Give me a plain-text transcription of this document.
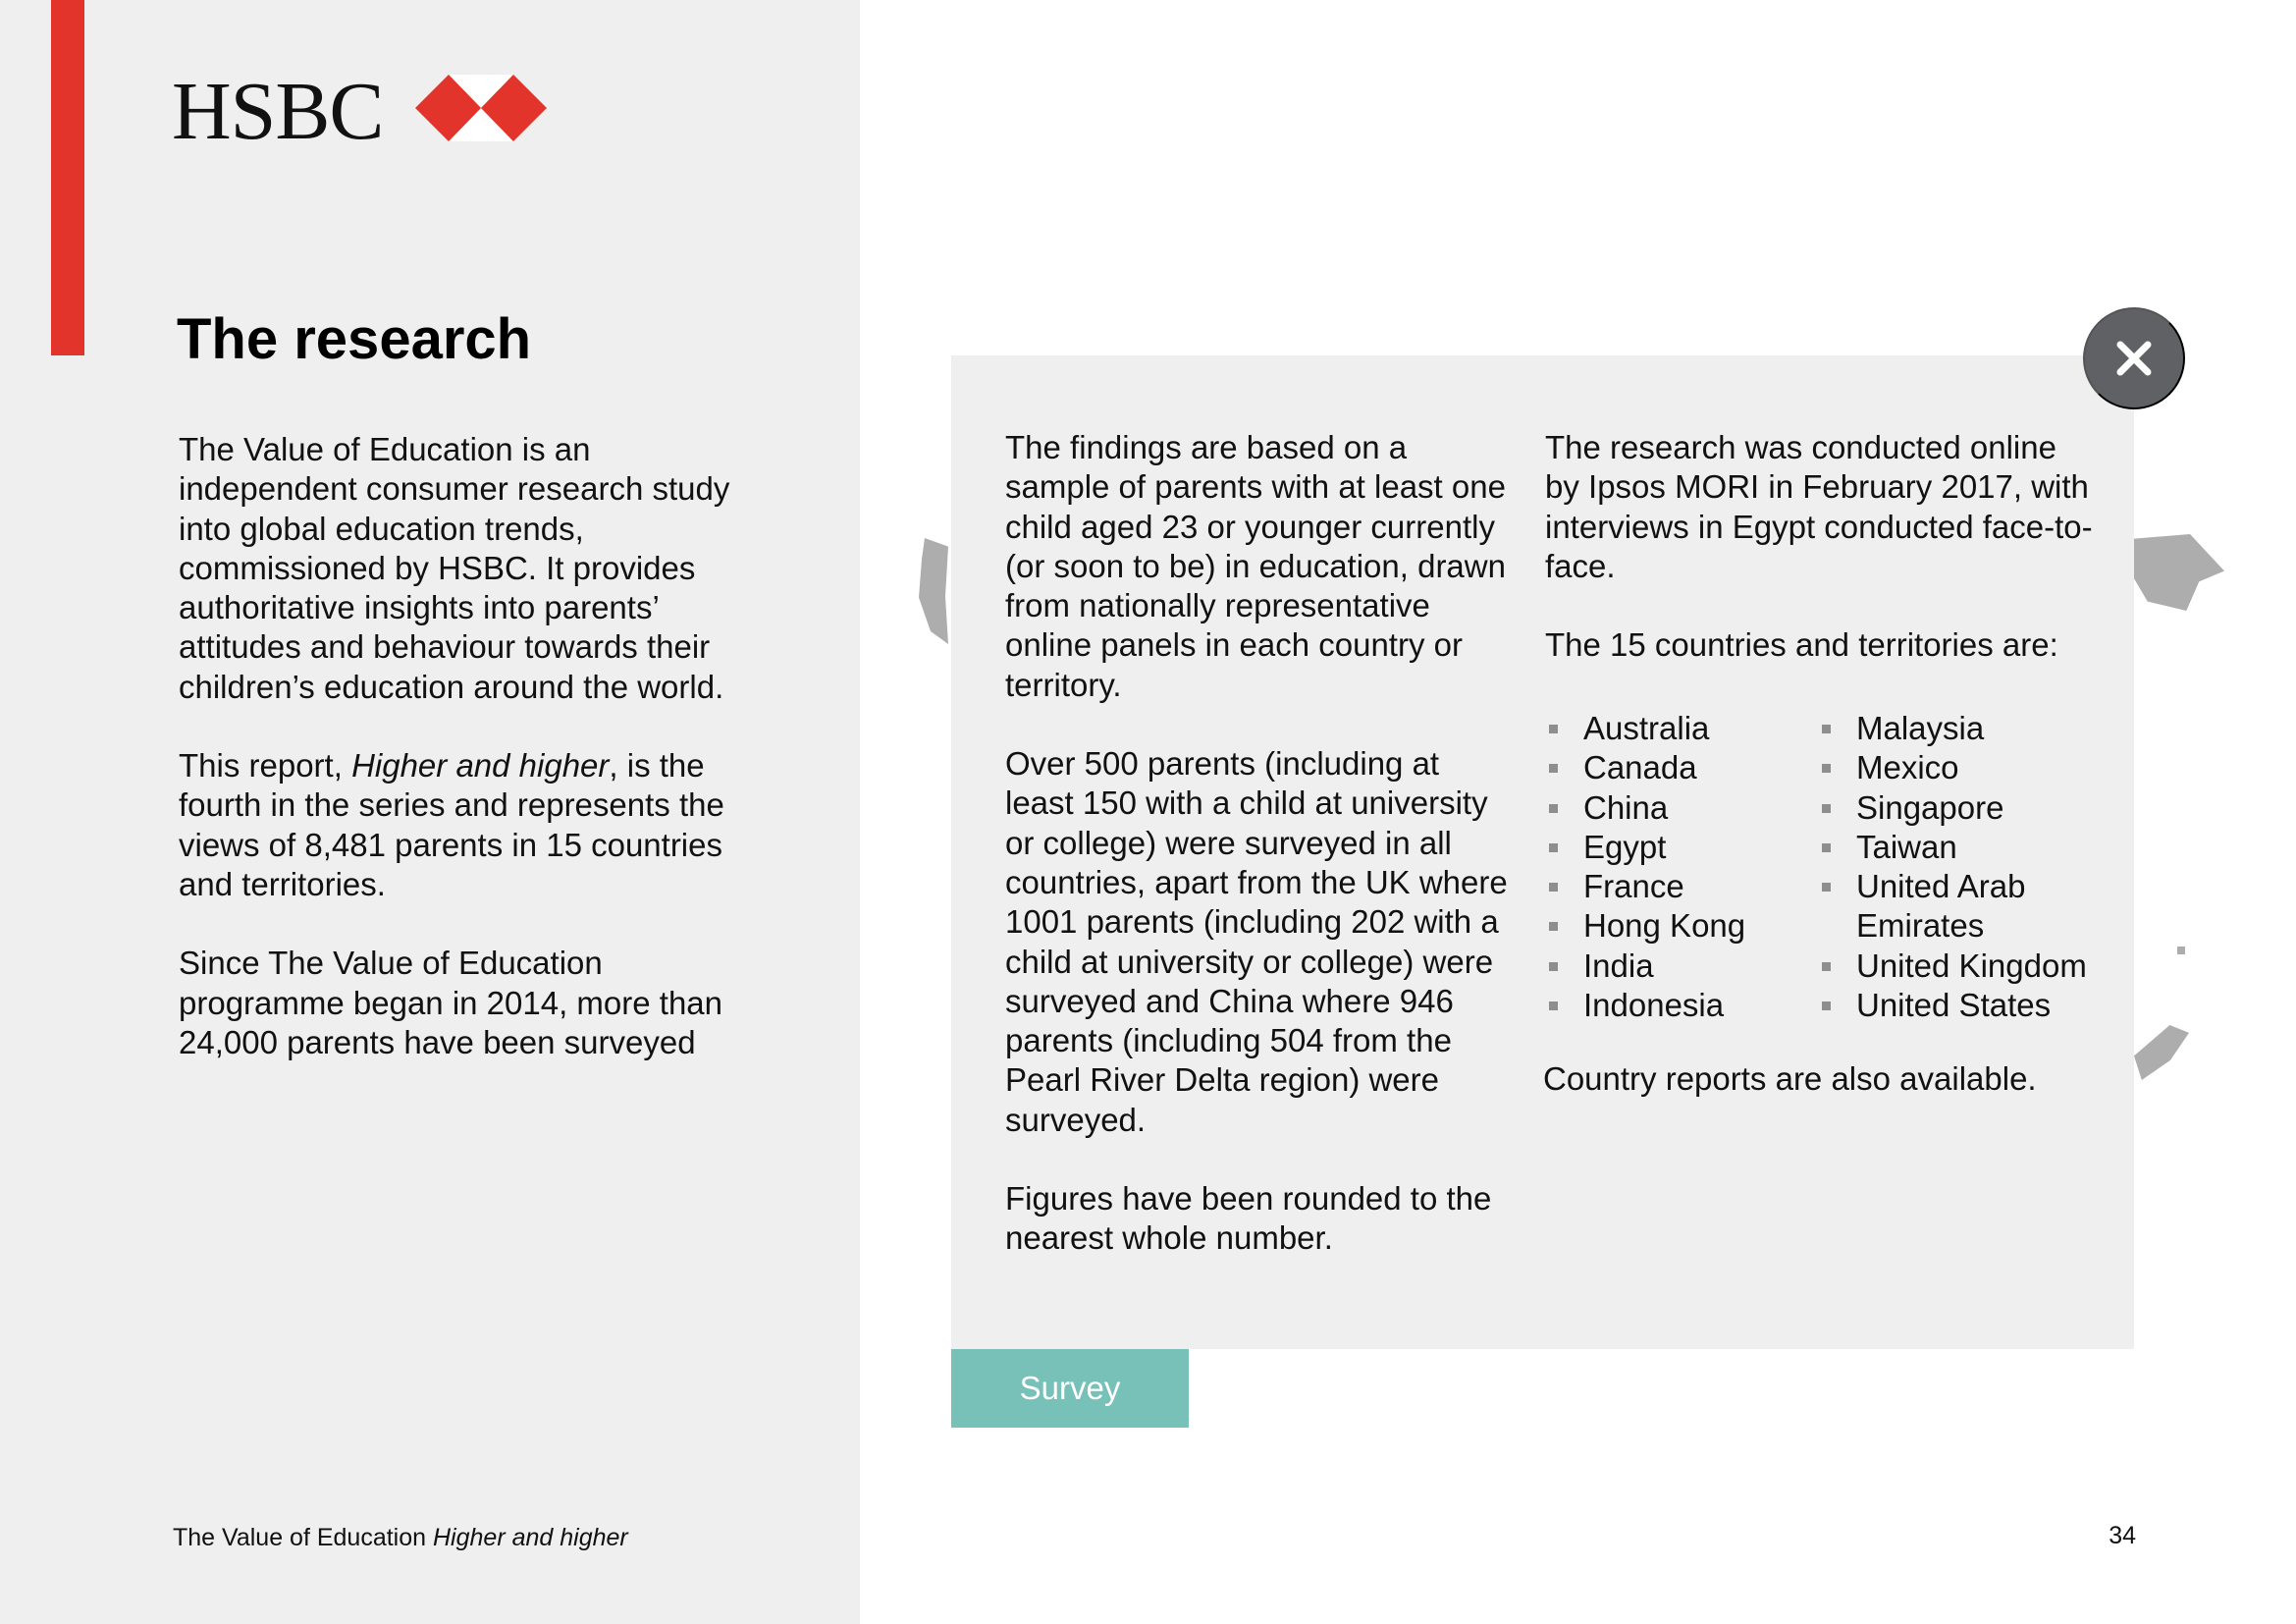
HSBC
The research

The Value of Education is an independent consumer research study into global education trends, commissioned by HSBC. It provides authoritative insights into parents’ attitudes and behaviour towards their children’s education around the world.

This report, Higher and higher, is the fourth in the series and represents the views of 8,481 parents in 15 countries and territories.

Since The Value of Education programme began in 2014, more than 24,000 parents have been surveyed

The findings are based on a sample of parents with at least one child aged 23 or younger currently (or soon to be) in education, drawn from nationally representative online panels in each country or territory.

Over 500 parents (including at least 150 with a child at university or college) were surveyed in all countries, apart from the UK where 1001 parents (including 202 with a child at university or college) were surveyed and China where 946 parents (including 504 from the Pearl River Delta region) were surveyed.

Figures have been rounded to the nearest whole number.

The research was conducted online by Ipsos MORI in February 2017, with interviews in Egypt conducted face-to-face.

The 15 countries and territories are:

Australia
Canada
China
Egypt
France
Hong Kong
India
Indonesia
Malaysia
Mexico
Singapore
Taiwan
United Arab Emirates
United Kingdom
United States
Country reports are also available.
Survey
The Value of Education Higher and higher	34
